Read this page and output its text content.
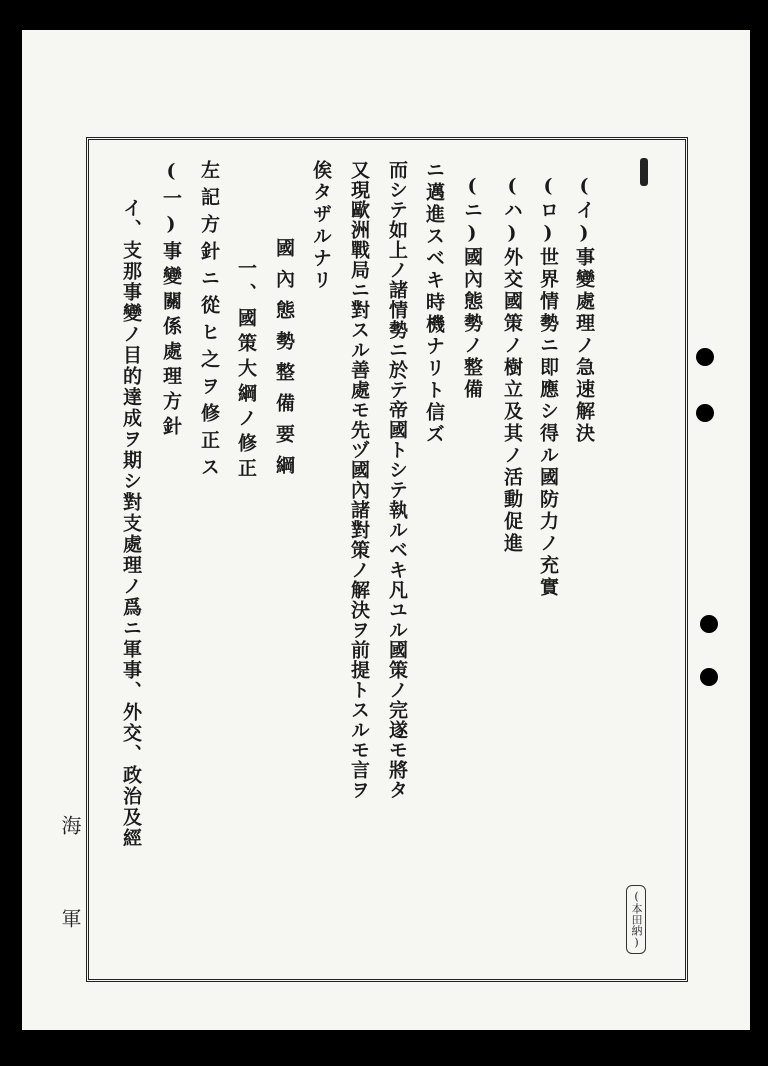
(本田納)
海
軍
(イ)事變處理ノ急速解決
(ロ)世界情勢ニ即應シ得ル國防力ノ充實
(ハ)外交國策ノ樹立及其ノ活動促進
(ニ)國內態勢ノ整備
ニ邁進スベキ時機ナリト信ズ
而シテ如上ノ諸情勢ニ於テ帝國トシテ執ルベキ凡ユル國策ノ完遂モ將タ
又現歐洲戰局ニ對スル善處モ先ヅ國內諸對策ノ解決ヲ前提トスルモ言ヲ
俟タザルナリ
國內態勢整備要綱
一、國策大綱ノ修正
左記方針ニ從ヒ之ヲ修正ス
(一)事變關係處理方針
イ、支那事變ノ目的達成ヲ期シ對支處理ノ爲ニ軍事、外交、政治及經
